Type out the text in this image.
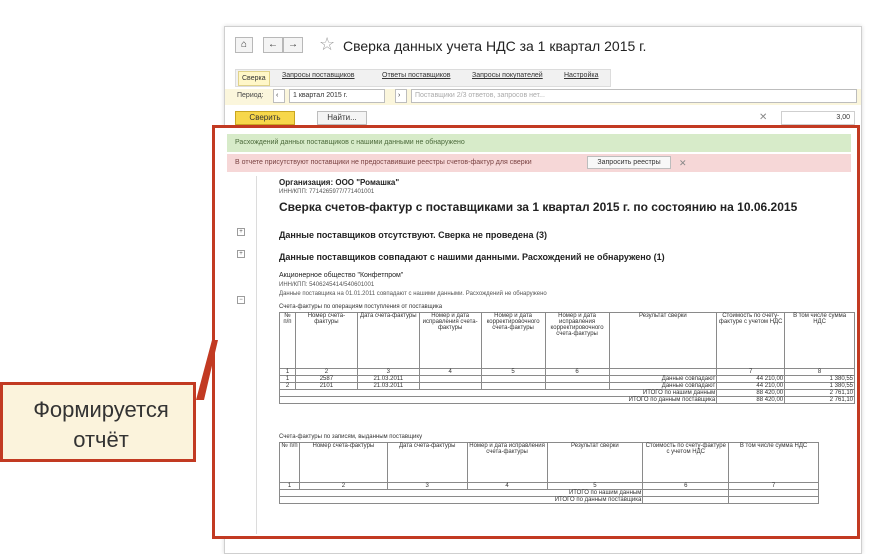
⌂	←	→ ☆ Сверка данных учета НДС за 1 квартал 2015 г.
Сверка	Запросы поставщиков	Ответы поставщиков	Запросы покупателей	Настройка
Период:	‹	1 квартал 2015 г.	›	Поставщики 2/3 ответов, запросов нет...
Сверить	Найти...	✕	3,00
Расхождений данных поставщиков с нашими данными не обнаружено
В отчете присутствуют поставщики не предоставившие реестры счетов-фактур для сверки	Запросить реестры	✕
+
+
−
Организация: ООО "Ромашка"
ИНН/КПП: 7714265977/771401001
Сверка счетов-фактур с поставщиками за 1 квартал 2015 г. по состоянию на 10.06.2015
Данные поставщиков отсутствуют. Сверка не проведена (3)
Данные поставщиков совпадают с нашими данными. Расхождений не обнаружено (1)
Акционерное общество "Конфетпром"
ИНН/КПП: 5406245414/540601001
Данные поставщика на 01.01.2011 совпадают с нашими данными. Расхождений не обнаружено
Счета-фактуры по операциям поступления от поставщика
№ п/п	Номер счета-фактуры	Дата счета-фактуры	Номер и дата исправления счета-фактуры	Номер и дата корректировочного счета-фактуры	Номер и дата исправления корректировочного счета-фактуры	Результат сверки	Стоимость по счету-фактуре с учетом НДС	В том числе сумма НДС
1	2	3	4	5	6		7	8
1	2587	21.03.2011				Данные совпадают	44 210,00	1 380,55
2	2101	21.03.2011				Данные совпадают	44 210,00	1 380,55
ИТОГО по нашим данным							88 420,00	2 761,10
ИТОГО по данным поставщика							88 420,00	2 761,10
Счета-фактуры по записям, выданным поставщику
№ п/п	Номер счета-фактуры	Дата счета-фактуры	Номер и дата исправления счета-фактуры	Результат сверки	Стоимость по счету-фактуре с учетом НДС	В том числе сумма НДС
1	2	3	4	5	6	7
ИТОГО по нашим данным						
ИТОГО по данным поставщика						
Формируется отчёт
